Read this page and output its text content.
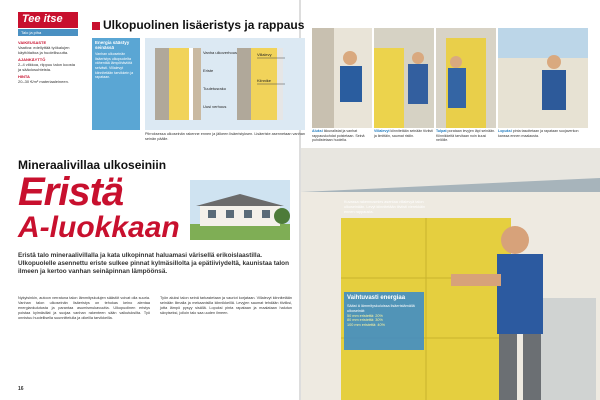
Tee itse
Talo ja piha
VAIKEUSASTE
Vaativa: edellyttää työkalujen käyttötaitoa ja huolellisuutta.
AJANKÄYTTÖ
2–4 viikkoa, riippuu talon koosta ja sääolosuhteista.
HINTA
20–30 €/m² materiaaleineen.
Ulkopuolinen lisäeristys ja rappaus
Energia säästyy seinässä
Vanhan ulkoseinän lisäeristys ulkopuolelta vähentää lämpöhäviötä selvästi. Villalevyt kiinnitetään tarvikkein ja rapataan.
Vanha ulkoverhous
Eriste
Tuuletusrako
Uusi verhous
Villalevy
Kiinnike
Piirroksessa ulkoseinän rakenne ennen ja jälkeen lisäeristyksen. Lisäeriste asennetaan vanhan seinän päälle.
Aluksi ikkunalistat ja vanhat rappauskohdat poistetaan. Seinä puhdistetaan huolella.
Villalevyt kiinnitetään seinään tiiviisti ja limittäin, saumat ristiin.
Tulpat porataan levyjen läpi seinään. Kiinnikkeitä tarvitaan noin kuusi neliölle.
Lopuksi pinta tasoitetaan ja rapataan suojaverkon kanssa ennen maalausta.
Mineraalivillaa ulkoseiniin
Eristä
A-luokkaan
Eristä talo mineraalivillalla ja kata ulkopinnat haluamasi värisellä erikoislaastilla. Ulkopuolelle asennettu eriste sulkee pinnat kylmäsillolta ja epätiiviydeltä, kaunistaa talon ilmeen ja kertoo vanhan seinäpinnan lämpöönsä.
Nykyisinkin, autoon verratuna talon lämmityskulujen säästöt voivat olla suuria. Vanhan talon ulkoseinän lisäeristys on tehokas keino alentaa energiankulutusta ja parantaa asumismukavuutta. Ulkopuolinen eristys poistaa kylmäsillat ja suojaa vanhan rakenteen sään vaikutuksilta. Työ onnistuu huolellisella suunnittelulla ja oikeilla tarvikkeilla.
Työn aluksi talon seinä tarkastetaan ja vauriot korjataan. Villalevyt kiinnitetään seinään liimalla ja mekaanisilla kiinnikkeillä. Levyjen saumat tehdään tiiviiksi, jotta lämpö pysyy sisällä. Lopuksi pinta rapataan ja maalataan halutun sävyiseksi, jolloin talo saa uuden ilmeen.
16
Kuvassa rakennusmies asentaa villalevyä talon ulkoseinään. Levyt kiinnitetään tiiviisti vierekkäin ennen rappausta.
Vaihtuvasti energiaa
Sääst ä lämmityskuluissa lisäeristämällä ulkoseinät:
50 mm eristettä: 20%
80 mm eristettä: 30%
100 mm eristettä: 40%
